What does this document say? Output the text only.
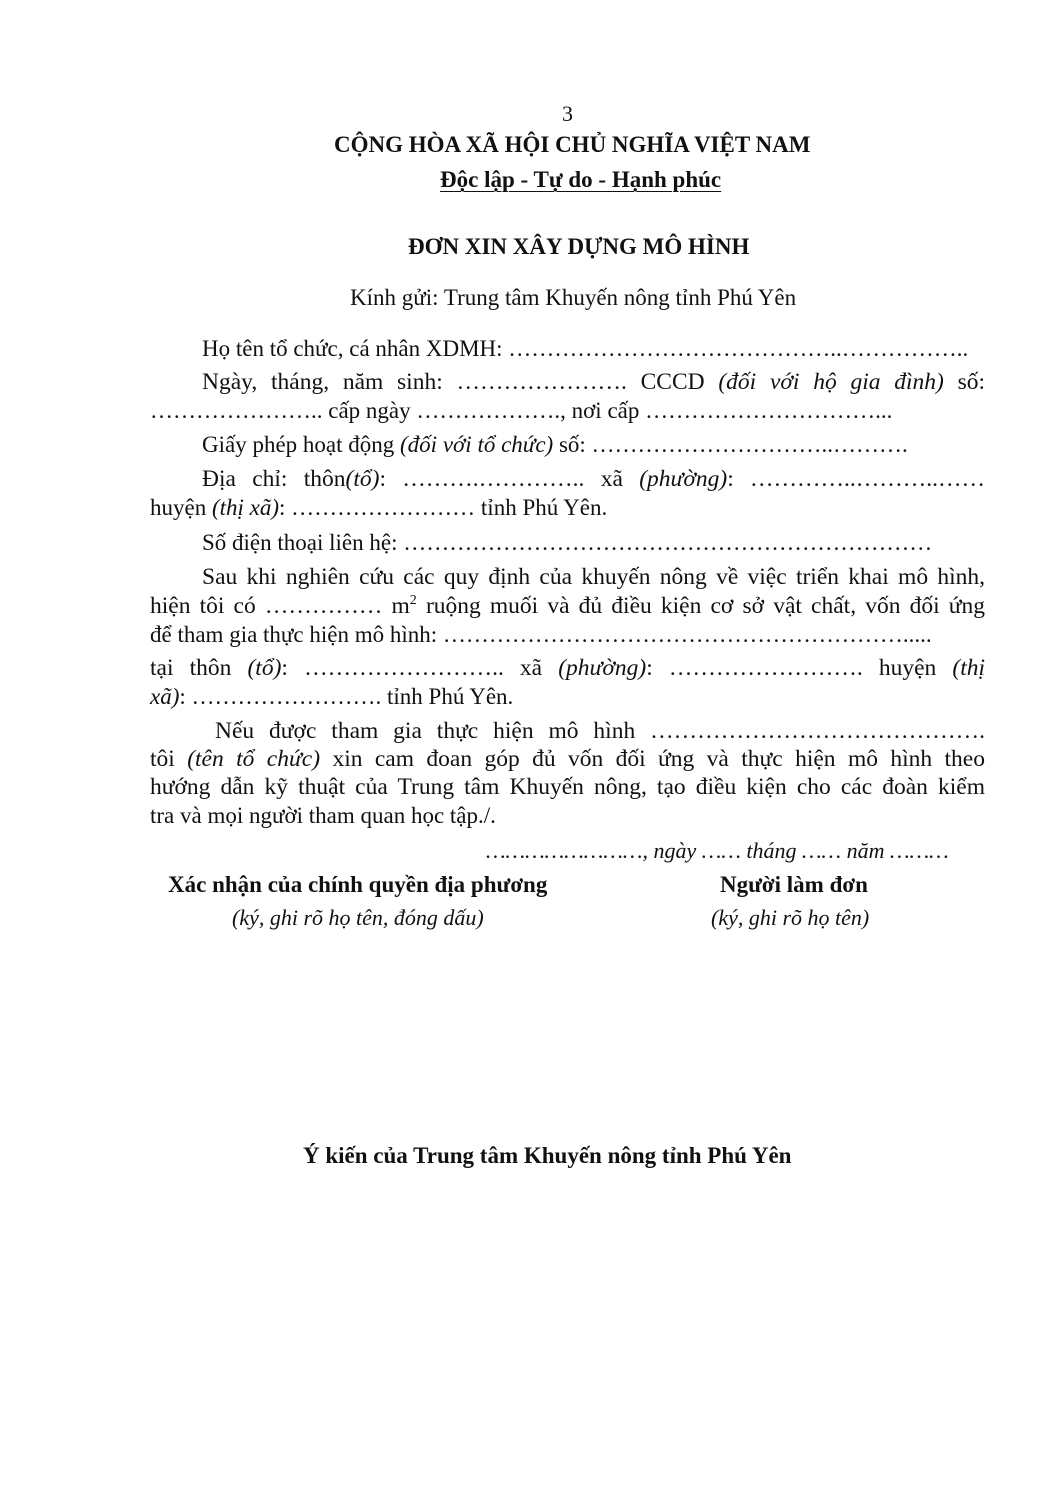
3
CỘNG HÒA XÃ HỘI CHỦ NGHĨA VIỆT NAM
Độc lập - Tự do - Hạnh phúc
ĐƠN XIN XÂY DỰNG MÔ HÌNH
Kính gửi: Trung tâm Khuyến nông tỉnh Phú Yên
Họ tên tổ chức, cá nhân XDMH: ……………………………………..……………..
Ngày, tháng, năm sinh: …………………. CCCD (đối với hộ gia đình) số:
………………….. cấp ngày ………………., nơi cấp …………………………...
Giấy phép hoạt động (đối với tổ chức) số: …………………………..……….
Địa chỉ: thôn(tổ): ……….………….. xã (phường): …………..………..……
huyện (thị xã): …………………… tỉnh Phú Yên.
Số điện thoại liên hệ: ……………………………………………………………
Sau khi nghiên cứu các quy định của khuyến nông về việc triển khai mô hình,
hiện tôi có …………… $m^2$ ruộng muối và đủ điều kiện cơ sở vật chất, vốn đối ứng
để tham gia thực hiện mô hình: …………………………………………………….....
tại thôn (tổ): …………………….. xã (phường): ……………………. huyện (thị
xã): ……………………. tỉnh Phú Yên.
Nếu được tham gia thực hiện mô hình …………………………………….
tôi (tên tổ chức) xin cam đoan góp đủ vốn đối ứng và thực hiện mô hình theo
hướng dẫn kỹ thuật của Trung tâm Khuyến nông, tạo điều kiện cho các đoàn kiểm
tra và mọi người tham quan học tập./.
……………………, ngày …… tháng …… năm ………
Xác nhận của chính quyền địa phương
(ký, ghi rõ họ tên, đóng dấu)
Người làm đơn
(ký, ghi rõ họ tên)
Ý kiến của Trung tâm Khuyến nông tỉnh Phú Yên
